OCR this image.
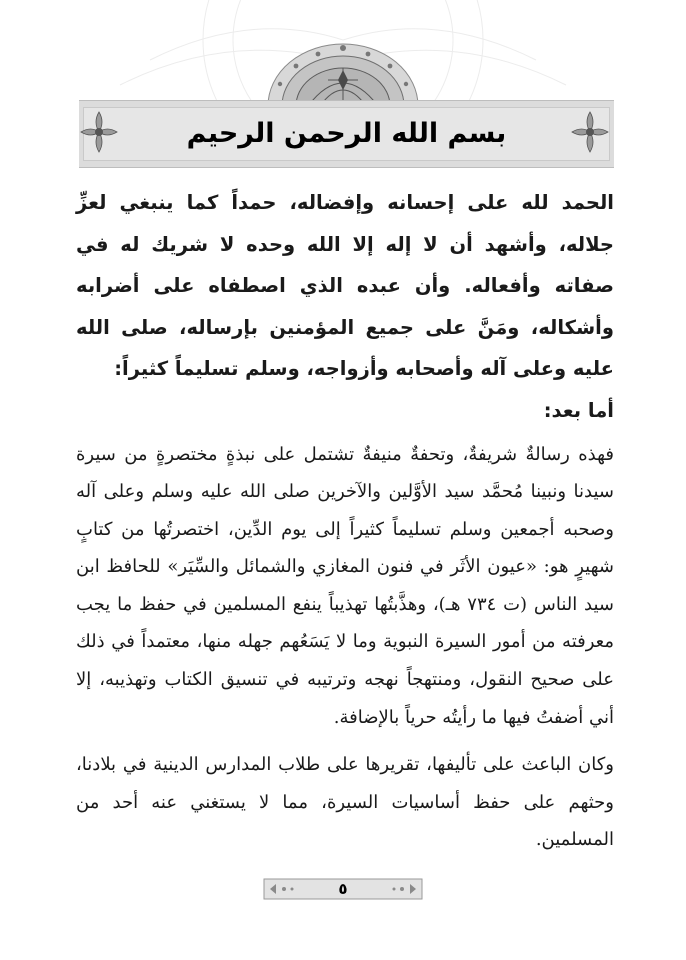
بسم الله الرحمن الرحيم

الحمد لله على إحسانه وإفضاله، حمداً كما ينبغي لعزِّ جلاله، وأشهد أن لا إله إلا الله وحده لا شريك له في صفاته وأفعاله. وأن عبده الذي اصطفاه على أضرابه وأشكاله، ومَنَّ على جميع المؤمنين بإرساله، صلى الله عليه وعلى آله وأصحابه وأزواجه، وسلم تسليماً كثيراً:

أما بعد:

فهذه رسالةٌ شريفةٌ، وتحفةٌ منيفةٌ تشتمل على نبذةٍ مختصرةٍ من سيرة سيدنا ونبينا مُحمَّد سيد الأوَّلين والآخرين صلى الله عليه وسلم وعلى آله وصحبه أجمعين وسلم تسليماً كثيراً إلى يوم الدِّين، اختصرتُها من كتابٍ شهيرٍ هو: «عيون الأثَر في فنون المغازي والشمائل والسِّيَر» للحافظ ابن سيد الناس (ت ٧٣٤ هـ)، وهذَّبتُها تهذيباً ينفع المسلمين في حفظ ما يجب معرفته من أمور السيرة النبوية وما لا يَسَعُهم جهله منها، معتمداً في ذلك على صحيح النقول، ومنتهجاً نهجه وترتيبه في تنسيق الكتاب وتهذيبه، إلا أني أضفتُ فيها ما رأيتُه حرياً بالإضافة.

وكان الباعث على تأليفها، تقريرها على طلاب المدارس الدينية في بلادنا، وحثهم على حفظ أساسيات السيرة، مما لا يستغني عنه أحد من المسلمين.

٥
